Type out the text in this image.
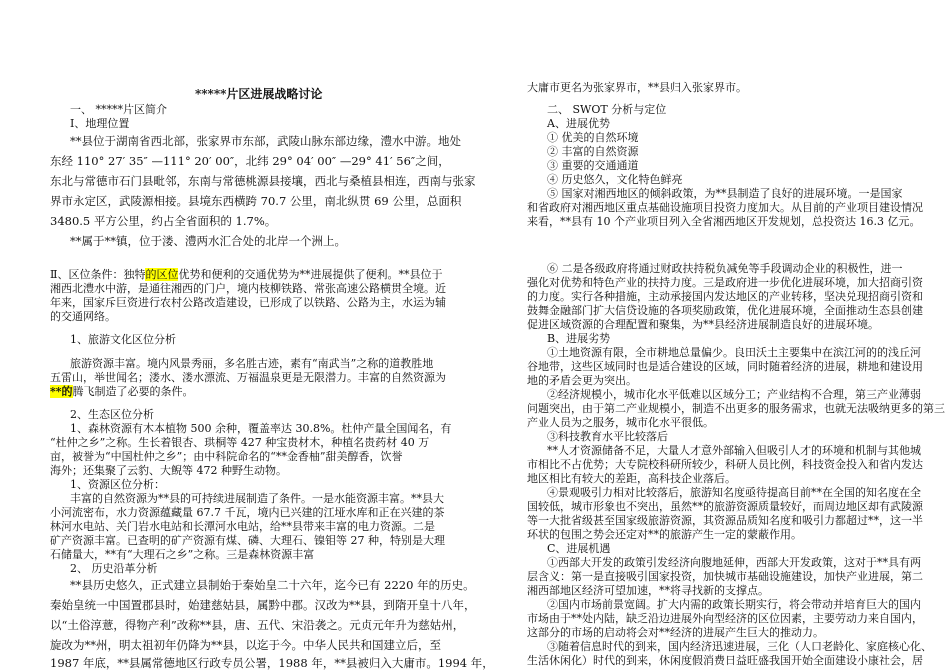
*****片区进展战略讨论
一、 *****片区简介
Ⅰ、地理位置
**县位于湖南省西北部，张家界市东部，武陵山脉东部边缘，澧水中游。地处
东经 110° 27′ 35″ —111° 20′ 00″，北纬 29° 04′ 00″ —29° 41′ 56″之间，
东北与常德市石门县毗邻，东南与常德桃源县接壤，西北与桑植县相连，西南与张家
界市永定区，武陵源相接。县境东西横跨 70.7 公里，南北纵贯 69 公里，总面积
3480.5 平方公里，约占全省面积的 1.7%。
**属于**镇，位于溇、澧两水汇合处的北岸一个洲上。
Ⅱ、区位条件：独特的区位优势和便利的交通优势为**进展提供了便利。**县位于
湘西北澧水中游，是通往湘西的门户，境内枝柳铁路、常张高速公路横贯全境。近
年来，国家斥巨资进行农村公路改造建设，已形成了以铁路、公路为主，水运为辅
的交通网络。
1、旅游文化区位分析
旅游资源丰富。境内风景秀丽，多名胜古迹，素有“南武当”之称的道教胜地
五雷山，举世闻名；溇水、溇水漂流、万福温泉更是无限潜力。丰富的自然资源为
**的腾飞制造了必要的条件。
2、生态区位分析
1、森林资源有木本植物 500 余种，覆盖率达 30.8%。杜仲产量全国闻名，有
“杜仲之乡”之称。生长着银杏、珙桐等 427 种宝贵材木，种植名贵药材 40 万
亩，被誉为“中国杜仲之乡”；由中科院命名的“**金香柚”甜美醇香，饮誉
海外；还集聚了云豹、大鲵等 472 种野生动物。
1、资源区位分析：
丰富的自然资源为**县的可持续进展制造了条件。一是水能资源丰富。**县大
小河流密布，水力资源蕴藏量 67.7 千瓦，境内已兴建的江垭水库和正在兴建的茶
林河水电站、关门岩水电站和长潭河水电站，给**县带来丰富的电力资源。二是
矿产资源丰富。已查明的矿产资源有煤、磷、大理石、镍钼等 27 种，特别是大理
石储量大，**有“大理石之乡”之称。三是森林资源丰富
2、 历史沿革分析
**县历史悠久，正式建立县制始于秦始皇二十六年，迄今已有 2220 年的历史。
秦始皇统一中国置郡县时，始建慈姑县，属黔中郡。汉改为**县，到隋开皇十八年，
以“土俗淳薏，得物产利”改称**县，唐、五代、宋沿袭之。元贞元年升为慈姑州，
旋改为**州，明太祖初年仍降为**县，以迄于今。中华人民共和国建立后，至
1987 年底，**县属常德地区行政专员公署，1988 年，**县被归入大庸市。1994 年，
大庸市更名为张家界市，**县归入张家界市。
二、 SWOT 分析与定位
A、进展优势
① 优美的自然环境
② 丰富的自然资源
③ 重要的交通通道
④ 历史悠久，文化特色鲜亮
⑤ 国家对湘西地区的倾斜政策，为**县制造了良好的进展环境。一是国家
和省政府对湘西地区重点基础设施项目投资力度加大。从目前的产业项目建设情况
来看，**县有 10 个产业项目列入全省湘西地区开发规划，总投资达 16.3 亿元。
⑥ 二是各级政府将通过财政扶持税负减免等手段调动企业的积极性，进一
强化对优势和特色产业的扶持力度。三是政府进一步优化进展环境，加大招商引资
的力度。实行各种措施，主动承接国内发达地区的产业转移，坚决兑现招商引资和
鼓舞金融部门扩大信贷设施的各项奖励政策，优化进展环境，全面推动生态县创建
促进区域资源的合理配置和聚集，为**县经济进展制造良好的进展环境。
B、进展劣势
①土地资源有限，全市耕地总量偏少。良田沃土主要集中在滨江河的的浅丘河
谷地带，这些区域同时也是适合建设的区域，同时随着经济的进展，耕地和建设用
地的矛盾会更为突出。
②经济规模小，城市化水平低难以区域分工；产业结构不合理，第三产业薄弱
问题突出，由于第二产业规模小，制造不出更多的服务需求，也就无法吸纳更多的第三
产业人员为之服务，城市化水平很低。
③科技教育水平比较落后
**人才资源储备不足，大量人才意外部输入但吸引人才的环境和机制与其他城
市相比不占优势；大专院校科研所较少，科研人员比例，科技资金投入和省内发达
地区相比有较大的差距，高科技企业落后。
④景观吸引力相对比较落后，旅游知名度亟待提高目前**在全国的知名度在全
国较低，城市形象也不突出，虽然**的旅游资源质量较好，而周边地区却有武陵源
等一大批省级甚至国家级旅游资源，其资源品质知名度和吸引力都超过**，这一半
环状的包围之势会还定对**的旅游产生一定的蒙蔽作用。
C、进展机遇
①西部大开发的政策引发经济向腹地延伸，西部大开发政策，这对于**具有两
层含义：第一是直接吸引国家投资，加快城市基础设施建设，加快产业进展，第二
湘西部地区经济可望加速，**将寻找新的支撑点。
②国内市场前景宽阔。扩大内需的政策长期实行，将会带动并培育巨大的国内
市场由于**处内陆，缺乏沿边进展外向型经济的区位因素，主要劳动力来自国内，
这部分的市场的启动将会对**经济的进展产生巨大的推动力。
③随着信息时代的到来，国内经济迅速进展，三化（人口老龄化、家庭核心化、
生活休闲化）时代的到来，休闲度假消费日益旺盛我国开始全面建设小康社会，居
